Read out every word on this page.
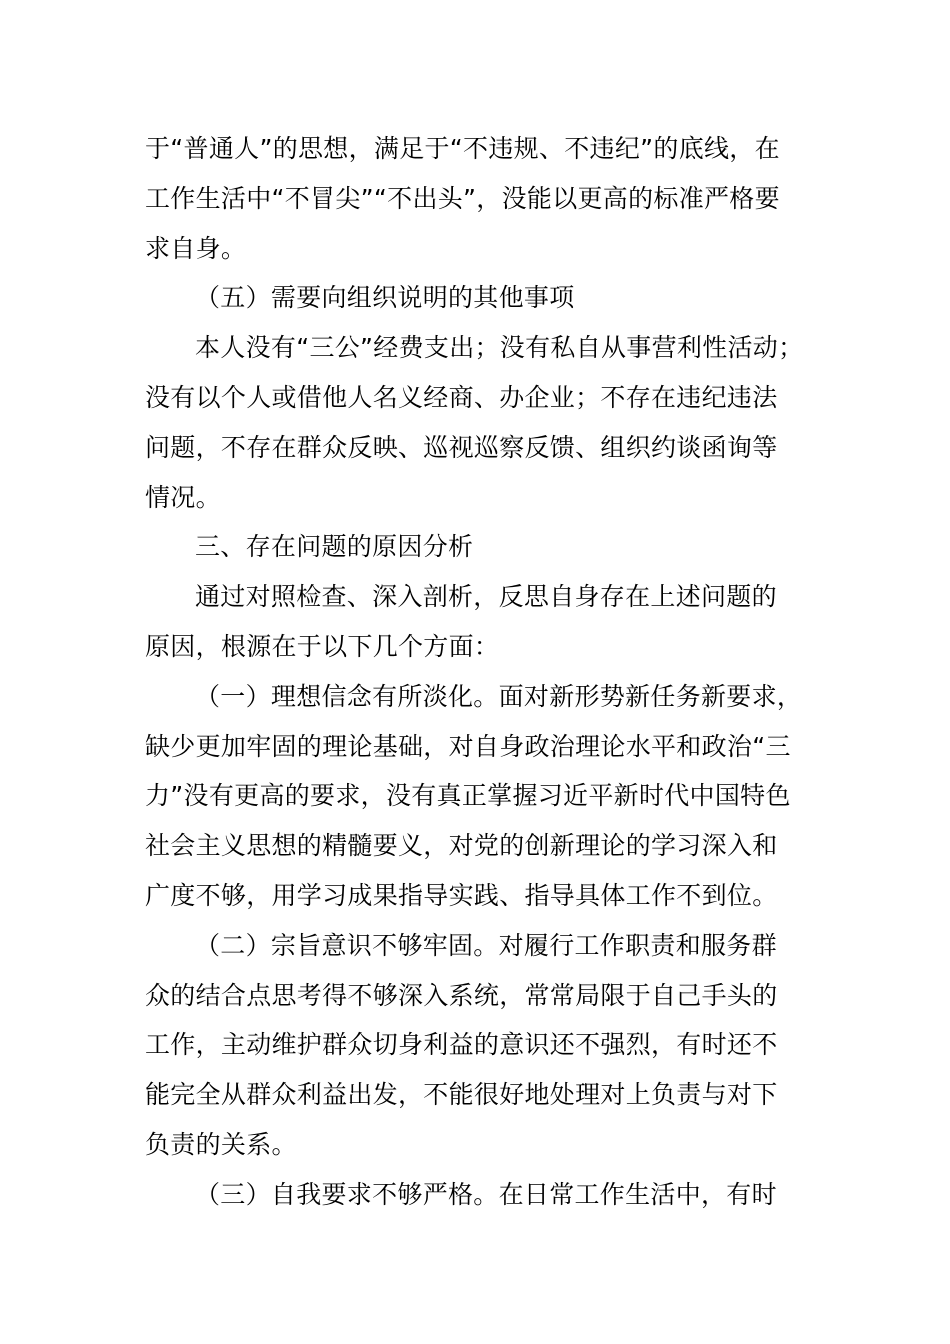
于“普通人”的思想，满足于“不违规、不违纪”的底线，在
工作生活中“不冒尖”“不出头”，没能以更高的标准严格要
求自身。
（五）需要向组织说明的其他事项
本人没有“三公”经费支出；没有私自从事营利性活动；
没有以个人或借他人名义经商、办企业；不存在违纪违法
问题，不存在群众反映、巡视巡察反馈、组织约谈函询等
情况。
三、存在问题的原因分析
通过对照检查、深入剖析，反思自身存在上述问题的
原因，根源在于以下几个方面：
（一）理想信念有所淡化。面对新形势新任务新要求，
缺少更加牢固的理论基础，对自身政治理论水平和政治“三
力”没有更高的要求，没有真正掌握习近平新时代中国特色
社会主义思想的精髓要义，对党的创新理论的学习深入和
广度不够，用学习成果指导实践、指导具体工作不到位。
（二）宗旨意识不够牢固。对履行工作职责和服务群
众的结合点思考得不够深入系统，常常局限于自己手头的
工作，主动维护群众切身利益的意识还不强烈，有时还不
能完全从群众利益出发，不能很好地处理对上负责与对下
负责的关系。
（三）自我要求不够严格。在日常工作生活中，有时
